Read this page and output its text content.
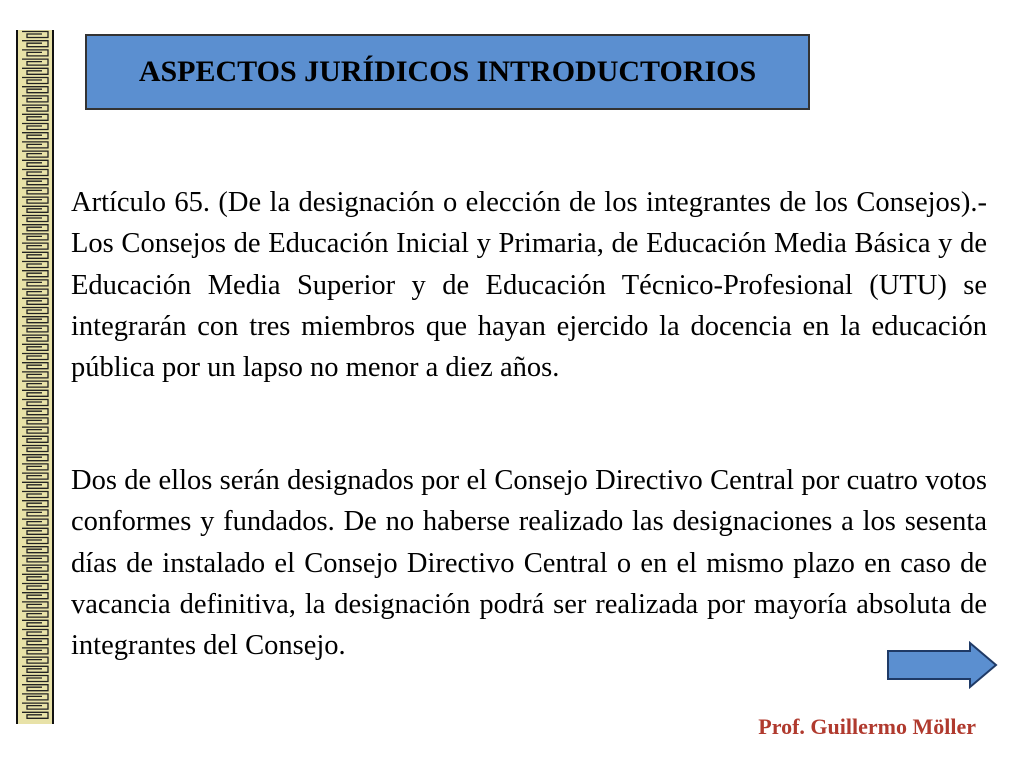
ASPECTOS JURÍDICOS INTRODUCTORIOS

Artículo 65. (De la designación o elección de los integrantes de los Consejos).- Los Consejos de Educación Inicial y Primaria, de Educación Media Básica y de Educación Media Superior y de Educación Técnico-Profesional (UTU) se integrarán con tres miembros que hayan ejercido la docencia en la educación pública por un lapso no menor a diez años.

Dos de ellos serán designados por el Consejo Directivo Central por cuatro votos conformes y fundados. De no haberse realizado las designaciones a los sesenta días de instalado el Consejo Directivo Central o en el mismo plazo en caso de vacancia definitiva, la designación podrá ser realizada por mayoría absoluta de integrantes del Consejo.

Prof. Guillermo Möller
